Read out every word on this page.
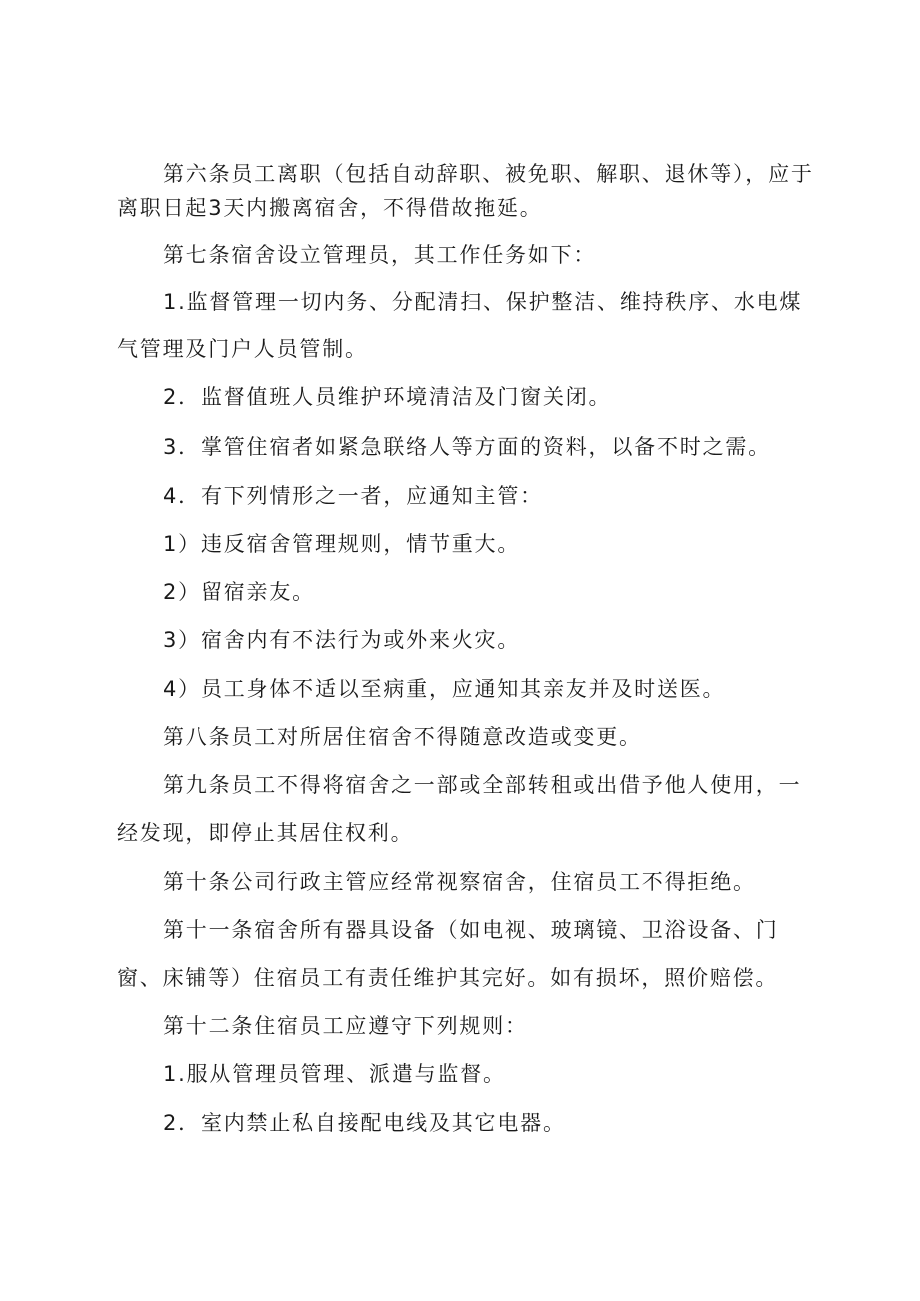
第六条员工离职（包括自动辞职、被免职、解职、退休等），应于
离职日起3天内搬离宿舍，不得借故拖延。
第七条宿舍设立管理员，其工作任务如下：
1.监督管理一切内务、分配清扫、保护整洁、维持秩序、水电煤
气管理及门户人员管制。
2．监督值班人员维护环境清洁及门窗关闭。
3．掌管住宿者如紧急联络人等方面的资料，以备不时之需。
4．有下列情形之一者，应通知主管：
1）违反宿舍管理规则，情节重大。
2）留宿亲友。
3）宿舍内有不法行为或外来火灾。
4）员工身体不适以至病重，应通知其亲友并及时送医。
第八条员工对所居住宿舍不得随意改造或变更。
第九条员工不得将宿舍之一部或全部转租或出借予他人使用，一
经发现，即停止其居住权利。
第十条公司行政主管应经常视察宿舍，住宿员工不得拒绝。
第十一条宿舍所有器具设备（如电视、玻璃镜、卫浴设备、门
窗、床铺等）住宿员工有责任维护其完好。如有损坏，照价赔偿。
第十二条住宿员工应遵守下列规则：
1.服从管理员管理、派遣与监督。
2．室内禁止私自接配电线及其它电器。
